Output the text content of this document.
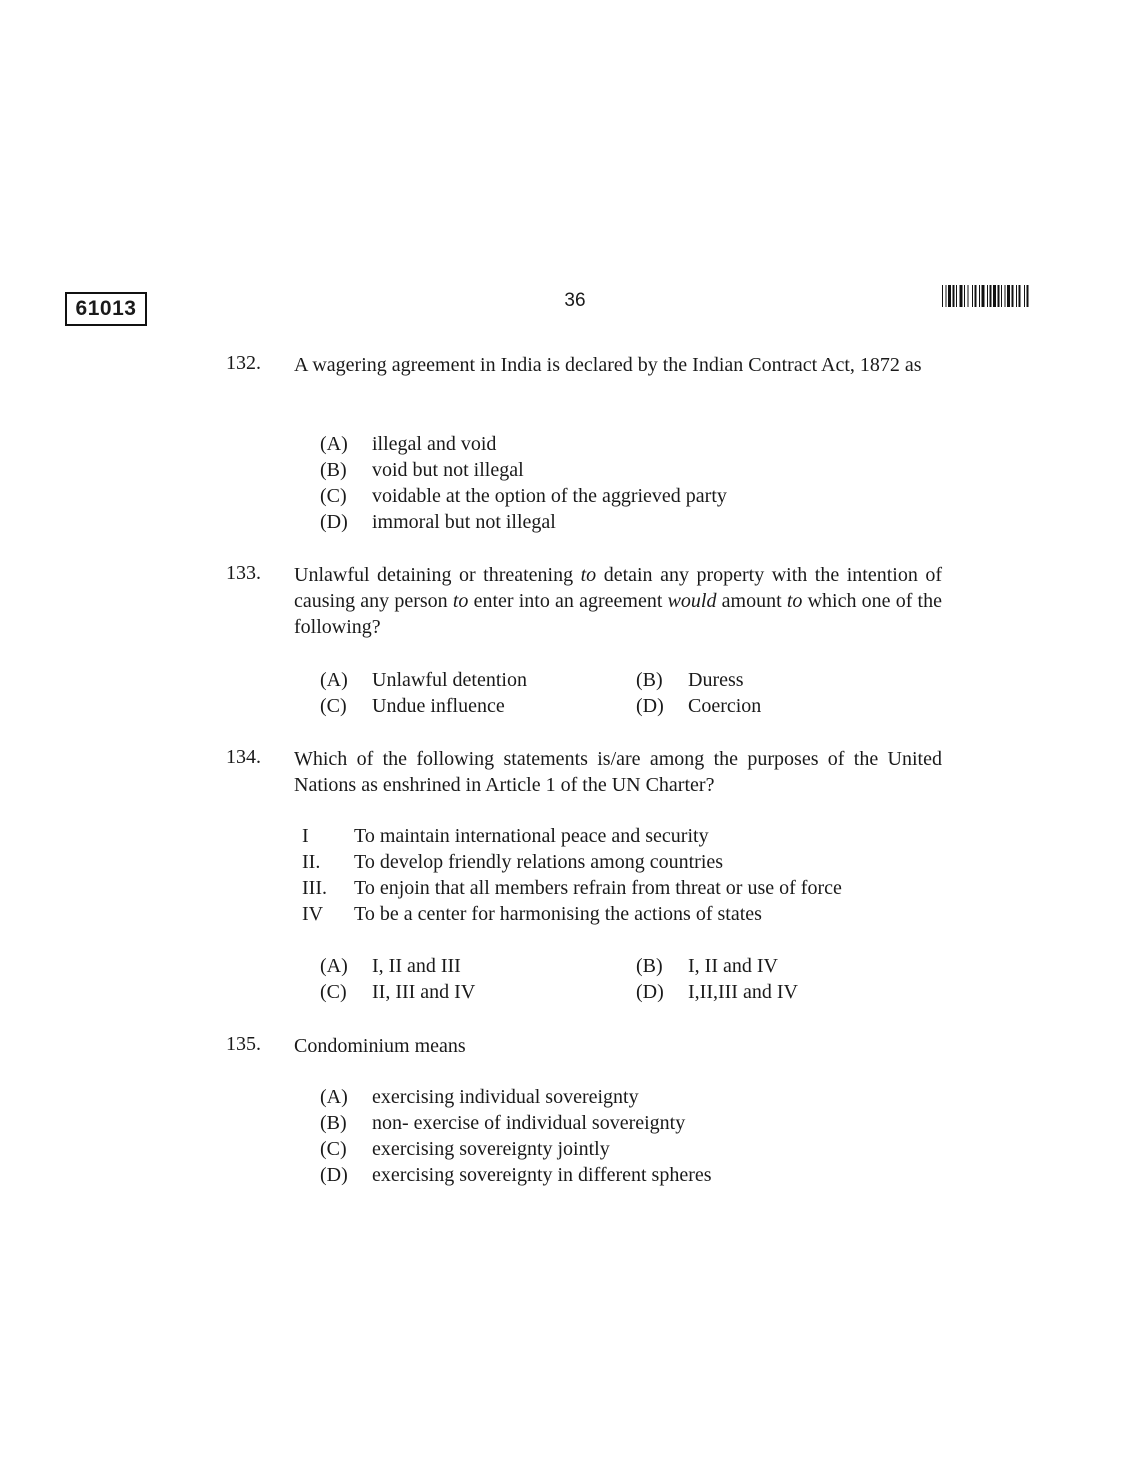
61013	36
132. A wagering agreement in India is declared by the Indian Contract Act, 1872 as
(A) illegal and void
(B) void but not illegal
(C) voidable at the option of the aggrieved party
(D) immoral but not illegal
133. Unlawful detaining or threatening to detain any property with the intention of causing any person to enter into an agreement would amount to which one of the following?
(A) Unlawful detention	(B) Duress
(C) Undue influence	(D) Coercion
134. Which of the following statements is/are among the purposes of the United Nations as enshrined in Article 1 of the UN Charter?
I To maintain international peace and security
II. To develop friendly relations among countries
III. To enjoin that all members refrain from threat or use of force
IV To be a center for harmonising the actions of states
(A) I, II and III	(B) I, II and IV
(C) II, III and IV	(D) I,II,III and IV
135. Condominium means
(A) exercising individual sovereignty
(B) non- exercise of individual sovereignty
(C) exercising sovereignty jointly
(D) exercising sovereignty in different spheres
